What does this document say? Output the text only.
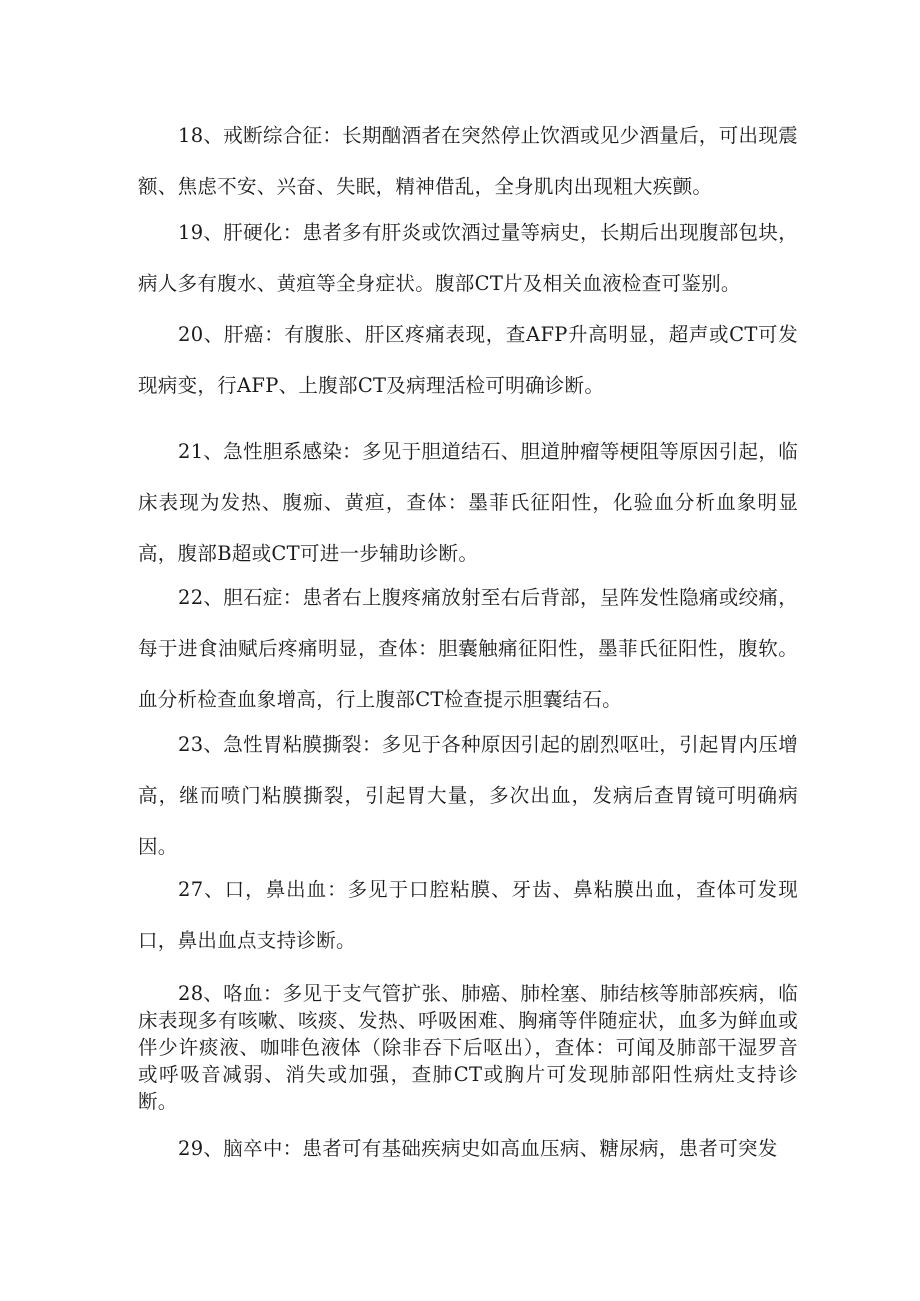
18、戒断综合征：长期酗酒者在突然停止饮酒或见少酒量后，可出现震额、焦虑不安、兴奋、失眠，精神借乱，全身肌肉出现粗大疾颤。

19、肝硬化：患者多有肝炎或饮酒过量等病史，长期后出现腹部包块，病人多有腹水、黄疸等全身症状。腹部CT片及相关血液检查可鉴别。

20、肝癌：有腹胀、肝区疼痛表现，查AFP升高明显，超声或CT可发现病变，行AFP、上腹部CT及病理活检可明确诊断。

21、急性胆系感染：多见于胆道结石、胆道肿瘤等梗阻等原因引起，临床表现为发热、腹痂、黄疸，查体：墨菲氏征阳性，化验血分析血象明显高，腹部B超或CT可进一步辅助诊断。

22、胆石症：患者右上腹疼痛放射至右后背部，呈阵发性隐痛或绞痛，每于进食油赋后疼痛明显，查体：胆囊触痛征阳性，墨菲氏征阳性，腹软。血分析检查血象增高，行上腹部CT检查提示胆囊结石。

23、急性胃粘膜撕裂：多见于各种原因引起的剧烈呕吐，引起胃内压增高，继而喷门粘膜撕裂，引起胃大量，多次出血，发病后查胃镜可明确病因。

27、口，鼻出血：多见于口腔粘膜、牙齿、鼻粘膜出血，查体可发现口，鼻出血点支持诊断。

28、咯血：多见于支气管扩张、肺癌、肺栓塞、肺结核等肺部疾病，临床表现多有咳嗽、咳痰、发热、呼吸困难、胸痛等伴随症状，血多为鲜血或伴少许痰液、咖啡色液体（除非吞下后呕出），查体：可闻及肺部干湿罗音或呼吸音减弱、消失或加强，查肺CT或胸片可发现肺部阳性病灶支持诊断。

29、脑卒中：患者可有基础疾病史如高血压病、糖尿病，患者可突发
